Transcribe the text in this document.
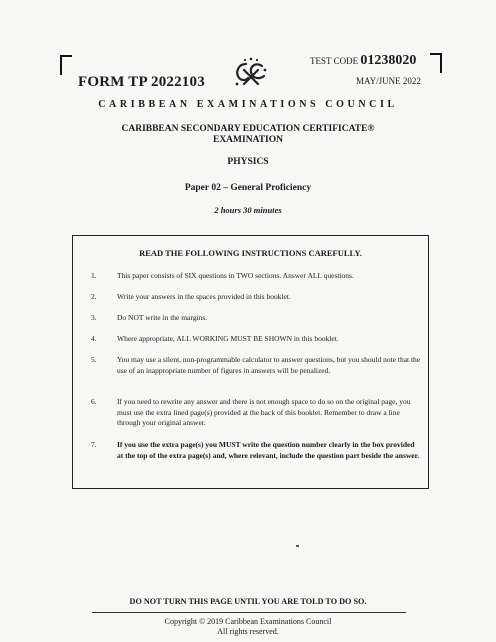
FORM TP 2022103
TEST CODE 01238020
MAY/JUNE 2022
CARIBBEAN EXAMINATIONS COUNCIL
CARIBBEAN SECONDARY EDUCATION CERTIFICATE®
EXAMINATION
PHYSICS
Paper 02 – General Proficiency
2 hours 30 minutes
READ THE FOLLOWING INSTRUCTIONS CAREFULLY.
1.	This paper consists of SIX questions in TWO sections. Answer ALL questions.
2.	Write your answers in the spaces provided in this booklet.
3.	Do NOT write in the margins.
4.	Where appropriate, ALL WORKING MUST BE SHOWN in this booklet.
5.	You may use a silent, non-programmable calculator to answer questions, but you should note that the use of an inappropriate number of figures in answers will be penalized.
6.	If you need to rewrite any answer and there is not enough space to do so on the original page, you must use the extra lined page(s) provided at the back of this booklet. Remember to draw a line through your original answer.
7.	If you use the extra page(s) you MUST write the question number clearly in the box provided at the top of the extra page(s) and, where relevant, include the question part beside the answer.
DO NOT TURN THIS PAGE UNTIL YOU ARE TOLD TO DO SO.
Copyright © 2019 Caribbean Examinations Council
All rights reserved.
